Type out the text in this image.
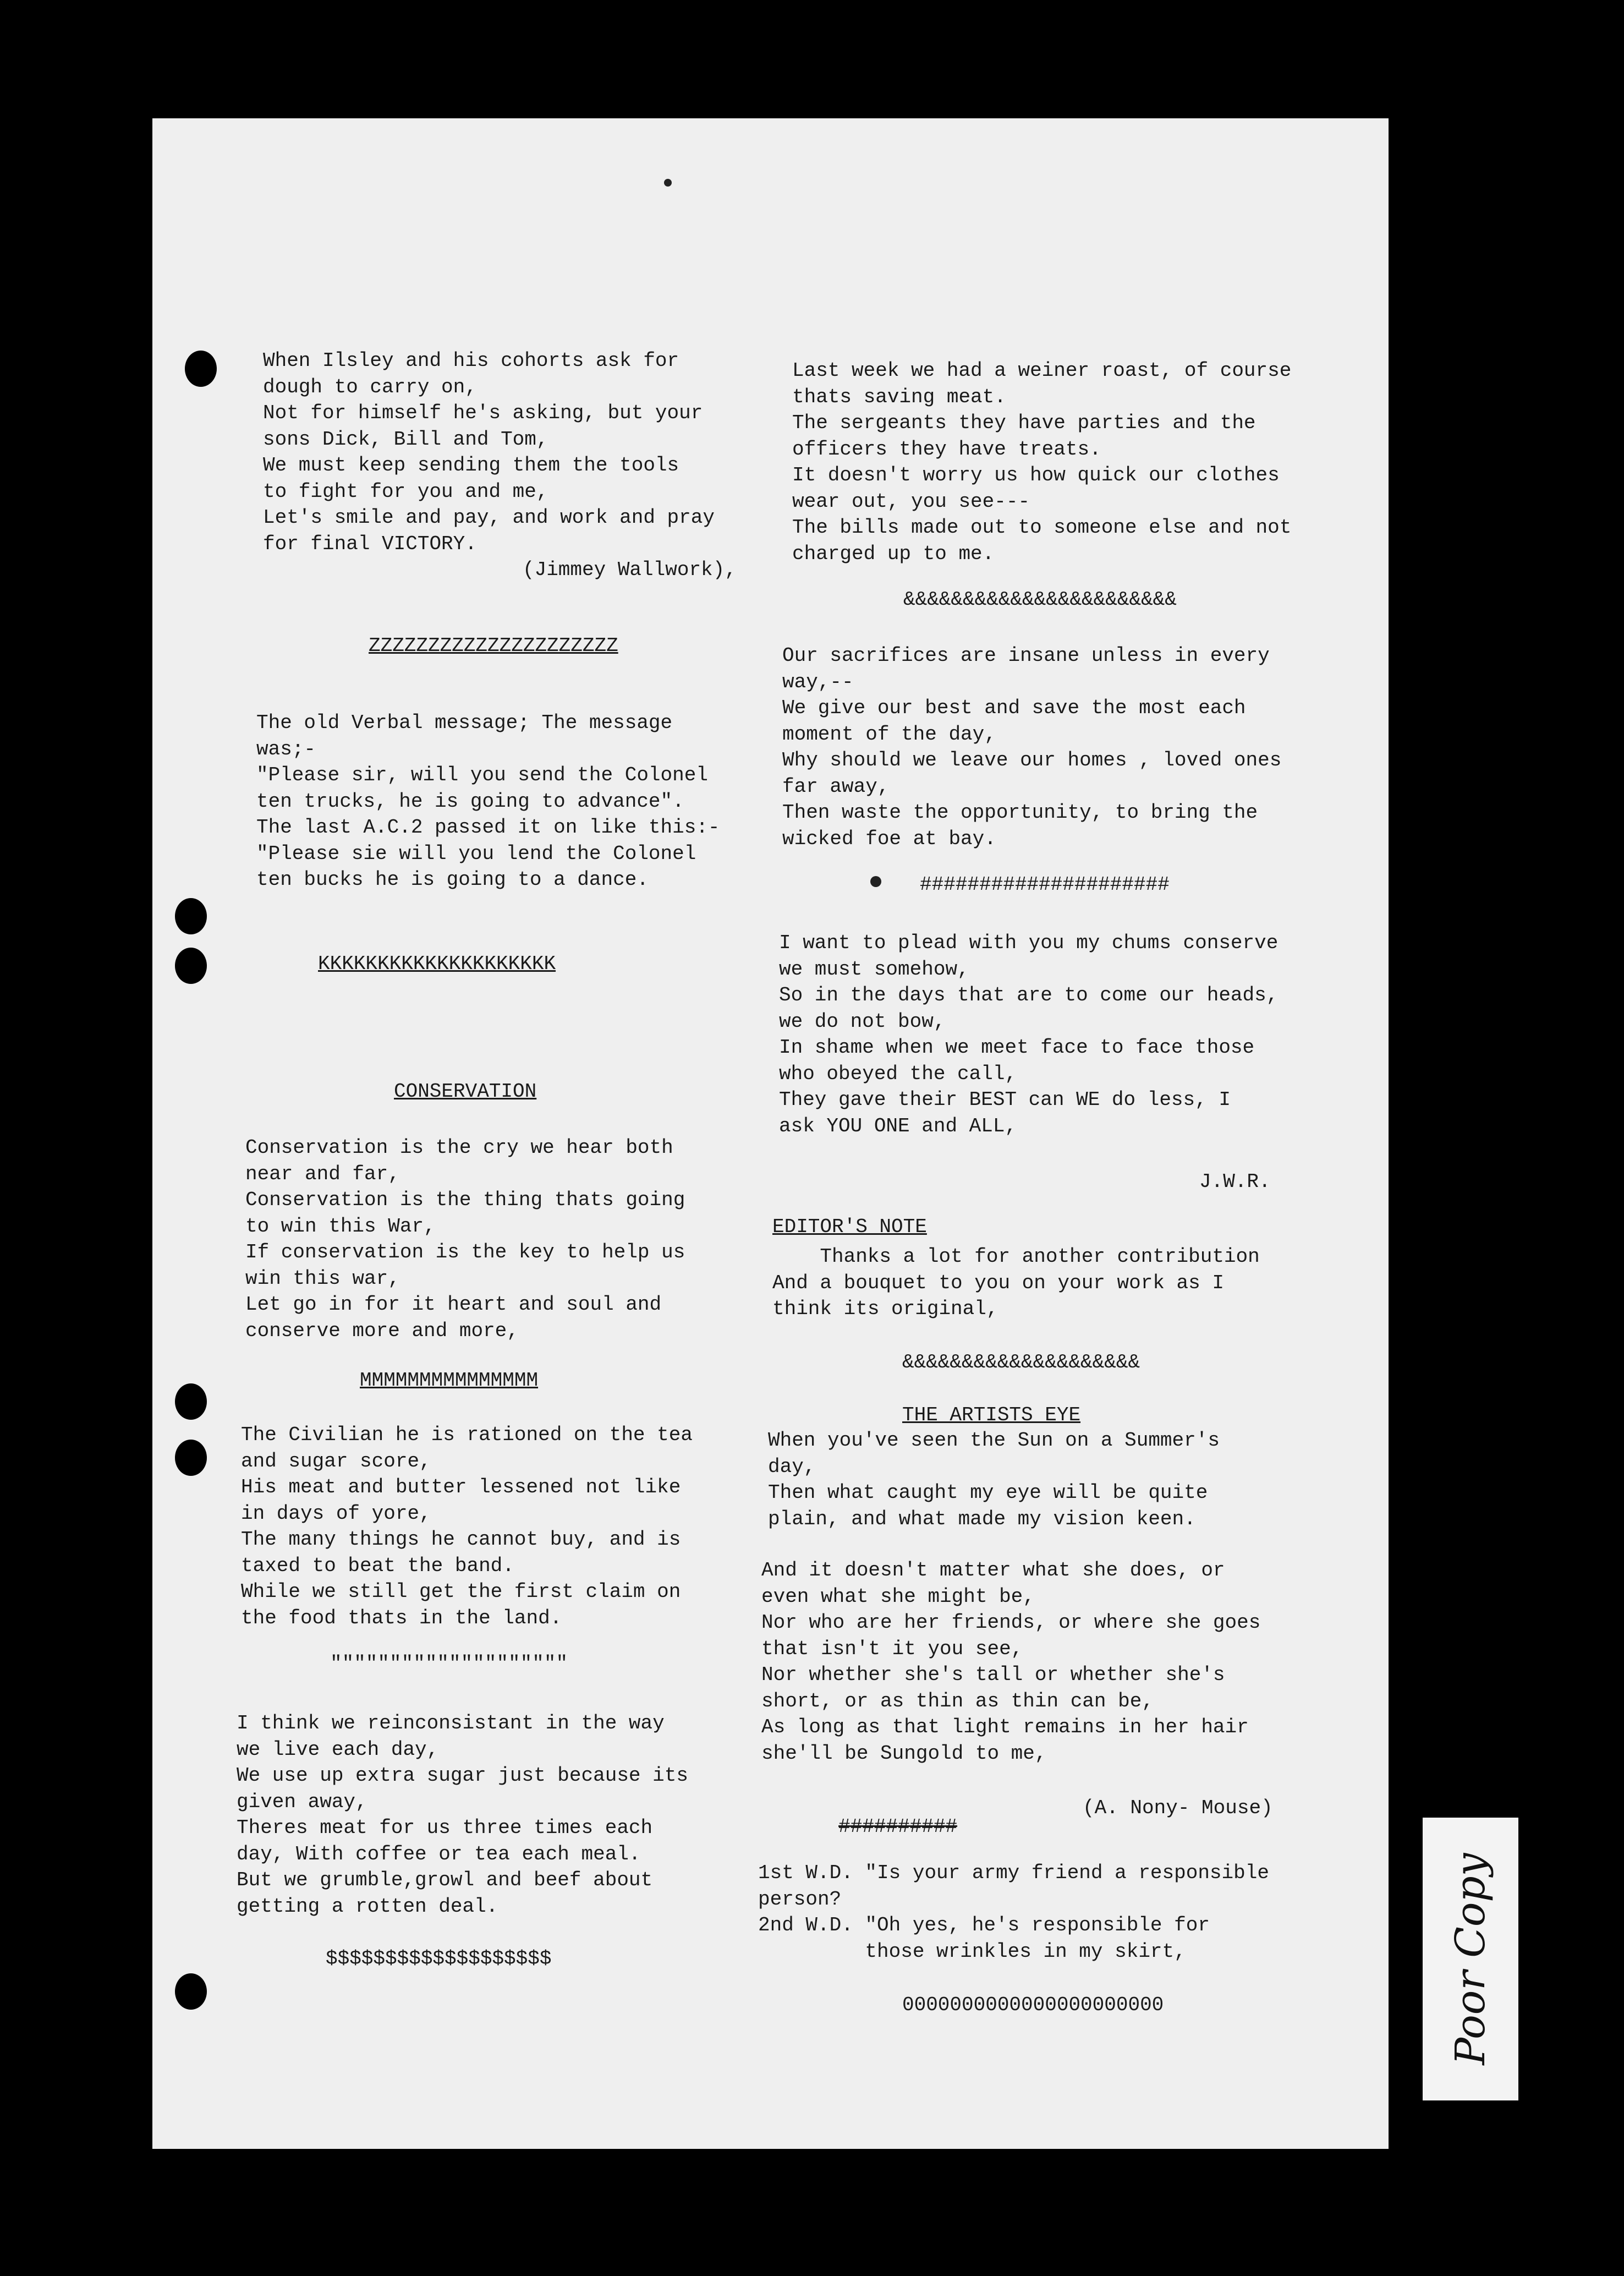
When Ilsley and his cohorts ask for
dough to carry on,
Not for himself he's asking, but your
sons Dick, Bill and Tom,
We must keep sending them the tools
to fight for you and me,
Let's smile and pay, and work and pray
for final VICTORY.
(Jimmey Wallwork),
ZZZZZZZZZZZZZZZZZZZZZ
The old Verbal message; The message
was;-
"Please sir, will you send the Colonel
ten trucks, he is going to advance".
The last A.C.2 passed it on like this:-
"Please sie will you lend the Colonel
ten bucks he is going to a dance.
KKKKKKKKKKKKKKKKKKKK
CONSERVATION
Conservation is the cry we hear both
near and far,
Conservation is the thing thats going
to win this War,
If conservation is the key to help us
win this war,
Let go in for it heart and soul and
conserve more and more,
MMMMMMMMMMMMMMM
The Civilian he is rationed on the tea
and sugar score,
His meat and butter lessened not like
in days of yore,
The many things he cannot buy, and is
taxed to beat the band.
While we still get the first claim on
the food thats in the land.
""""""""""""""""""""
I think we reinconsistant in the way
we live each day,
We use up extra sugar just because its
given away,
Theres meat for us three times each
day, With coffee or tea each meal.
But we grumble,growl and beef about
getting a rotten deal.
$$$$$$$$$$$$$$$$$$$
Last week we had a weiner roast, of course
thats saving meat.
The sergeants they have parties and the
officers they have treats.
It doesn't worry us how quick our clothes
wear out, you see---
The bills made out to someone else and not
charged up to me.
&&&&&&&&&&&&&&&&&&&&&&&
Our sacrifices are insane unless in every
way,--
We give our best and save the most each
moment of the day,
Why should we leave our homes , loved ones
far away,
Then waste the opportunity, to bring the
wicked foe at bay.
#####################
I want to plead with you my chums conserve
we must somehow,
So in the days that are to come our heads,
we do not bow,
In shame when we meet face to face those
who obeyed the call,
They gave their BEST can WE do less, I
ask YOU ONE and ALL,
J.W.R.
EDITOR'S NOTE
Thanks a lot for another contribution
And a bouquet to you on your work as I
think its original,
&&&&&&&&&&&&&&&&&&&&
THE ARTISTS EYE
When you've seen the Sun on a Summer's
day,
Then what caught my eye will be quite
plain, and what made my vision keen.
And it doesn't matter what she does, or
even what she might be,
Nor who are her friends, or where she goes
that isn't it you see,
Nor whether she's tall or whether she's
short, or as thin as thin can be,
As long as that light remains in her hair
she'll be Sungold to me,
(A. Nony- Mouse)
##########
1st W.D. "Is your army friend a responsible
person?
2nd W.D. "Oh yes, he's responsible for
those wrinkles in my skirt,
0000000000000000000000	Poor Copy
